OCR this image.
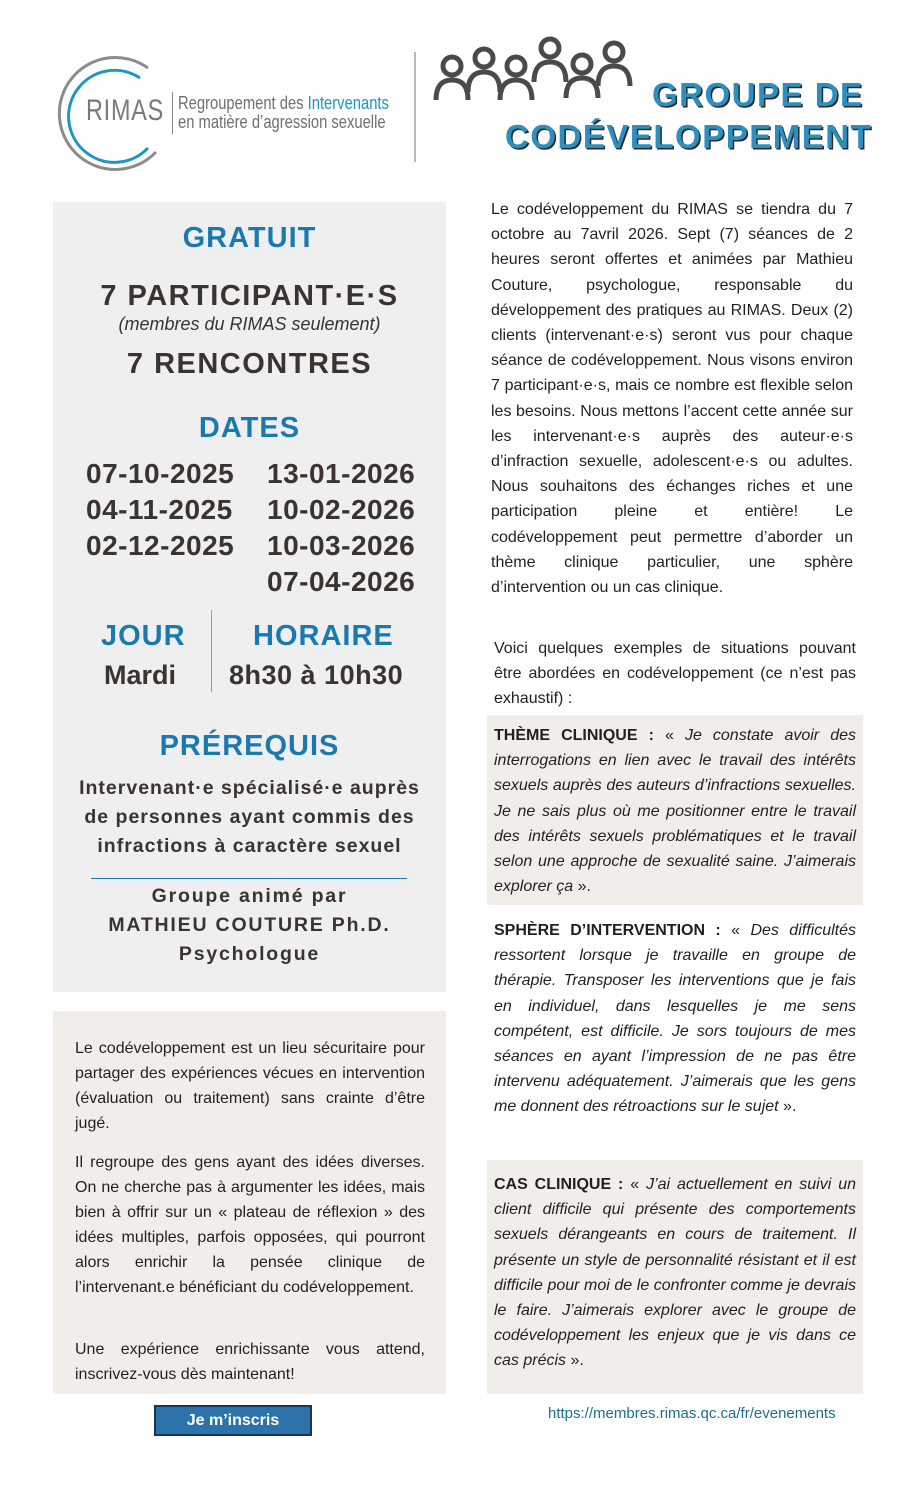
RIMAS Regroupement des Intervenants
en matière d’agression sexuelle
GROUPE DE
CODÉVELOPPEMENT
GRATUIT
7 PARTICIPANT·E·S
(membres du RIMAS seulement)
7 RENCONTRES
DATES
07-10-2025
04-11-2025
02-12-2025
13-01-2026
10-02-2026
10-03-2026
07-04-2026
JOUR
Mardi
HORAIRE
8h30 à 10h30
PRÉREQUIS
Intervenant·e spécialisé·e auprès
de personnes ayant commis des
infractions à caractère sexuel
Groupe animé par
MATHIEU COUTURE Ph.D.
Psychologue
Le codéveloppement est un lieu sécuritaire pour partager des expériences vécues en intervention (évaluation ou traitement) sans crainte d’être jugé.
Il regroupe des gens ayant des idées diverses. On ne cherche pas à argumenter les idées, mais bien à offrir sur un « plateau de réflexion » des idées multiples, parfois opposées, qui pourront alors enrichir la pensée clinique de l’intervenant.e bénéficiant du codéveloppement.
Une expérience enrichissante vous attend, inscrivez-vous dès maintenant!
Le codéveloppement du RIMAS se tiendra du 7 octobre au 7avril 2026. Sept (7) séances de 2 heures seront offertes et animées par Mathieu Couture, psychologue, responsable du développement des pratiques au RIMAS. Deux (2) clients (intervenant·e·s) seront vus pour chaque séance de codéveloppement. Nous visons environ 7 participant·e·s, mais ce nombre est flexible selon les besoins. Nous mettons l’accent cette année sur les intervenant·e·s auprès des auteur·e·s d’infraction sexuelle, adolescent·e·s ou adultes. Nous souhaitons des échanges riches et une participation pleine et entière! Le codéveloppement peut permettre d’aborder un thème clinique particulier, une sphère d’intervention ou un cas clinique.
Voici quelques exemples de situations pouvant être abordées en codéveloppement (ce n’est pas exhaustif) :
THÈME CLINIQUE : « Je constate avoir des interrogations en lien avec le travail des intérêts sexuels auprès des auteurs d’infractions sexuelles. Je ne sais plus où me positionner entre le travail des intérêts sexuels problématiques et le travail selon une approche de sexualité saine. J’aimerais explorer ça ».
SPHÈRE D’INTERVENTION : « Des difficultés ressortent lorsque je travaille en groupe de thérapie. Transposer les interventions que je fais en individuel, dans lesquelles je me sens compétent, est difficile. Je sors toujours de mes séances en ayant l’impression de ne pas être intervenu adéquatement. J’aimerais que les gens me donnent des rétroactions sur le sujet ».
CAS CLINIQUE : « J’ai actuellement en suivi un client difficile qui présente des comportements sexuels dérangeants en cours de traitement. Il présente un style de personnalité résistant et il est difficile pour moi de le confronter comme je devrais le faire. J’aimerais explorer avec le groupe de codéveloppement les enjeux que je vis dans ce cas précis ».
Je m’inscris	https://membres.rimas.qc.ca/fr/evenements
